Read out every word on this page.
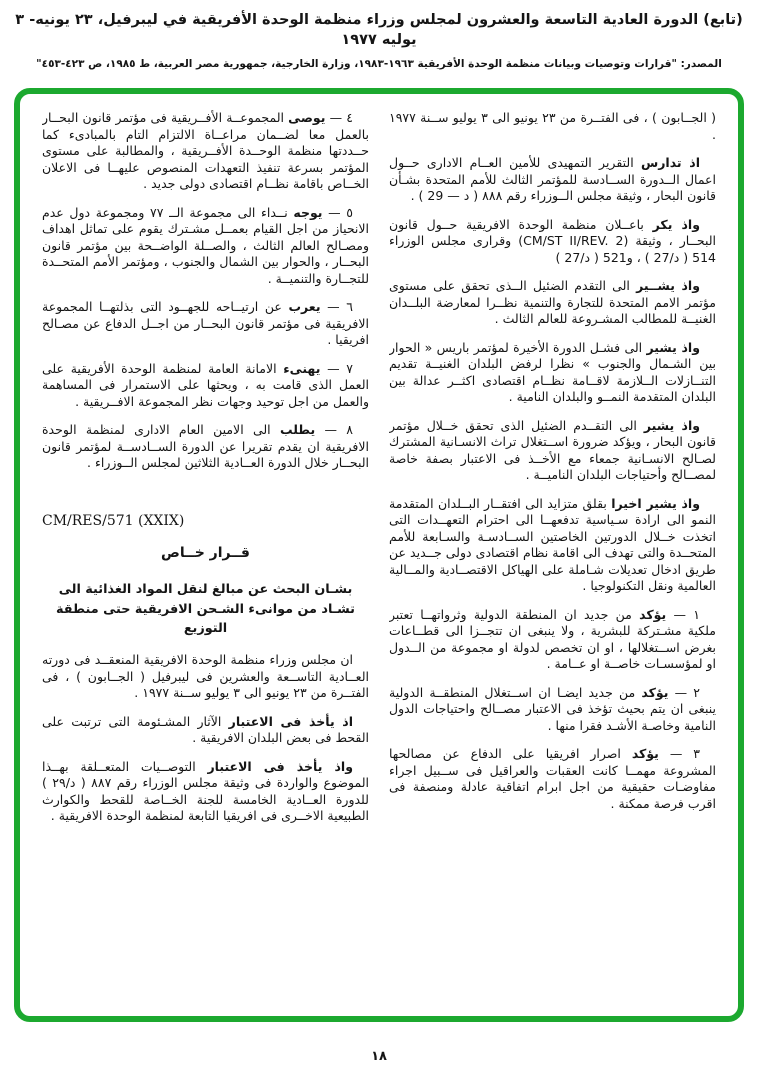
(تابع) الدورة العادية التاسعة والعشرون لمجلس وزراء منظمة الوحدة الأفريقية في ليبرفيل، ٢٣ يونيه- ٣ يوليه ١٩٧٧
المصدر: "قرارات وتوصيات وبيانات منظمة الوحدة الأفريقية ١٩٦٣-١٩٨٣، وزارة الخارجية، جمهورية مصر العربية، ط ١٩٨٥، ص ٤٢٣-٤٥٣"

( الجــابون ) ، فى الفتــرة من ٢٣ يونيو الى ٣ يوليو ســنة ١٩٧٧ .

اذ تدارس التقرير التمهيدى للأمين العــام الادارى حــول اعمال الــدورة الســادسة للمؤتمر الثالث للأمم المتحدة بشـأن قانون البحار ، وثيقة مجلس الــوزراء رقم ٨٨٨ ( د — 29 ) .

واذ يكر باعــلان منظمة الوحدة الافريقية حــول قانون البحــار ، وثيقة (CM/ST II/REV. 2) وقرارى مجلس الوزراء 514 ( د/27 ) ، و521 ( د/27 )

واذ يشــير الى التقدم الضئيل الــذى تحقق على مستوى مؤتمر الامم المتحدة للتجارة والتنمية نظــرا لمعارضة البلــدان الغنيــة للمطالب المشـروعة للعالم الثالث .

واذ يشير الى فشـل الدورة الأخيرة لمؤتمر باريس « الحوار بين الشـمال والجنوب » نظرا لرفض البلدان الغنيــة تقديم التنــازلات الــلازمة لاقــامة نظــام اقتصادى اكثــر عدالة بين البلدان المتقدمة النمــو والبلدان النامية .

واذ يشير الى التقــدم الضئيل الذى تحقق خــلال مؤتمر قانون البحار ، ويؤكد ضرورة اســتغلال تراث الانسـانية المشترك لصـالح الانسـانية جمعاء مع الأخــذ فى الاعتبار بصفة خاصة لمصــالح وأحتياجات البلدان الناميــة .

واذ يشير اخيرا بقلق متزايد الى افتقــار البــلدان المتقدمة النمو الى ارادة سـياسية تدفعهــا الى احترام التعهــدات التى اتخذت خــلال الدورتين الخاصتين الســادسـة والسـابعة للأمم المتحــدة والتى تهدف الى اقامة نظام اقتصادى دولى جــديد عن طريق ادخال تعديلات شـاملة على الهياكل الاقتصــادية والمــالية العالمية ونقل التكنولوجيا .

١ — يؤكد من جديد ان المنطقة الدولية وثرواتهــا تعتبر ملكية مشـتركة للبشرية ، ولا ينبغى ان تتجــزا الى قطــاعات بغرض اســتغلالها ، او ان تخصص لدولة او مجموعة من الــدول او لمؤسسـات خاصــة او عــامة .

٢ — يؤكد من جديد ايضـا ان اســتغلال المنطقــة الدولية ينبغى ان يتم بحيث تؤخذ فى الاعتبار مصــالح واحتياجات الدول النامية وخاصـة الأشـد فقرا منها .

٣ — يؤكد اصرار افريقيا على الدفاع عن مصالحها المشروعة مهمــا كانت العقبات والعراقيل فى ســبيل اجراء مفاوضـات حقيقية من اجل ابرام اتفاقية عادلة ومنصفة فى اقرب فرصة ممكنة .

٤ — يوصى المجموعــة الأفــريقية فى مؤتمر قانون البحــار بالعمل معا لضــمان مراعــاة الالتزام التام بالمبادىء كما حــددتها منظمة الوحــدة الأفــريقية ، والمطالبة على مستوى المؤتمر بسرعة تنفيذ التعهدات المنصوص عليهــا فى الاعلان الخــاص باقامة نظــام اقتصادى دولى جديد .

٥ — يوجه نــداء الى مجموعة الــ ٧٧ ومجموعة دول عدم الانحياز من اجل القيام بعمــل مشـترك يقوم على تماثل اهداف ومصـالح العالم الثالث ، والصــلة الواضــحة بين مؤتمر قانون البحــار ، والحوار بين الشمال والجنوب ، ومؤتمر الأمم المتحــدة للتجــارة والتنميــة .

٦ — يعرب عن ارتيــاحه للجهــود التى بذلتهــا المجموعة الافريقية فى مؤتمر قانون البحــار من اجــل الدفاع عن مصـالح افريقيا .

٧ — يهنىء الامانة العامة لمنظمة الوحدة الأفريقية على العمل الذى قامت به ، ويحثها على الاستمرار فى المساهمة والعمل من اجل توحيد وجهات نظر المجموعة الافــريقية .

٨ — يطلب الى الامين العام الادارى لمنظمة الوحدة الافريقية ان يقدم تقريرا عن الدورة الســادســة لمؤتمر قانون البحــار خلال الدورة العــادية الثلاثين لمجلس الــوزراء .

CM/RES/571 (XXIX)

قــرار خــاص

بشـان البحث عن مبالغ لنقل المواد الغذائية الى تشـاد من موانىء الشـحن الافريقية حتى منطقة التوزيع

ان مجلس وزراء منظمة الوحدة الافريقية المنعقــد فى دورته العــادية التاســعة والعشرين فى ليبرفيل ( الجــابون ) ، فى الفتــرة من ٢٣ يونيو الى ٣ يوليو ســنة ١٩٧٧ .

اذ يأخذ فى الاعتبار الآثار المشـئومة التى ترتبت على القحط فى بعض البلدان الافريقية .

واذ يأخذ فى الاعتبار التوصــيات المتعــلقة بهــذا الموضوع والواردة فى وثيقة مجلس الوزراء رقم ٨٨٧ ( د/٢٩ ) للدورة العــادية الخامسة للجنة الخــاصة للقحط والكوارث الطبيعية الاخــرى فى افريقيا التابعة لمنظمة الوحدة الافريقية .

١٨
